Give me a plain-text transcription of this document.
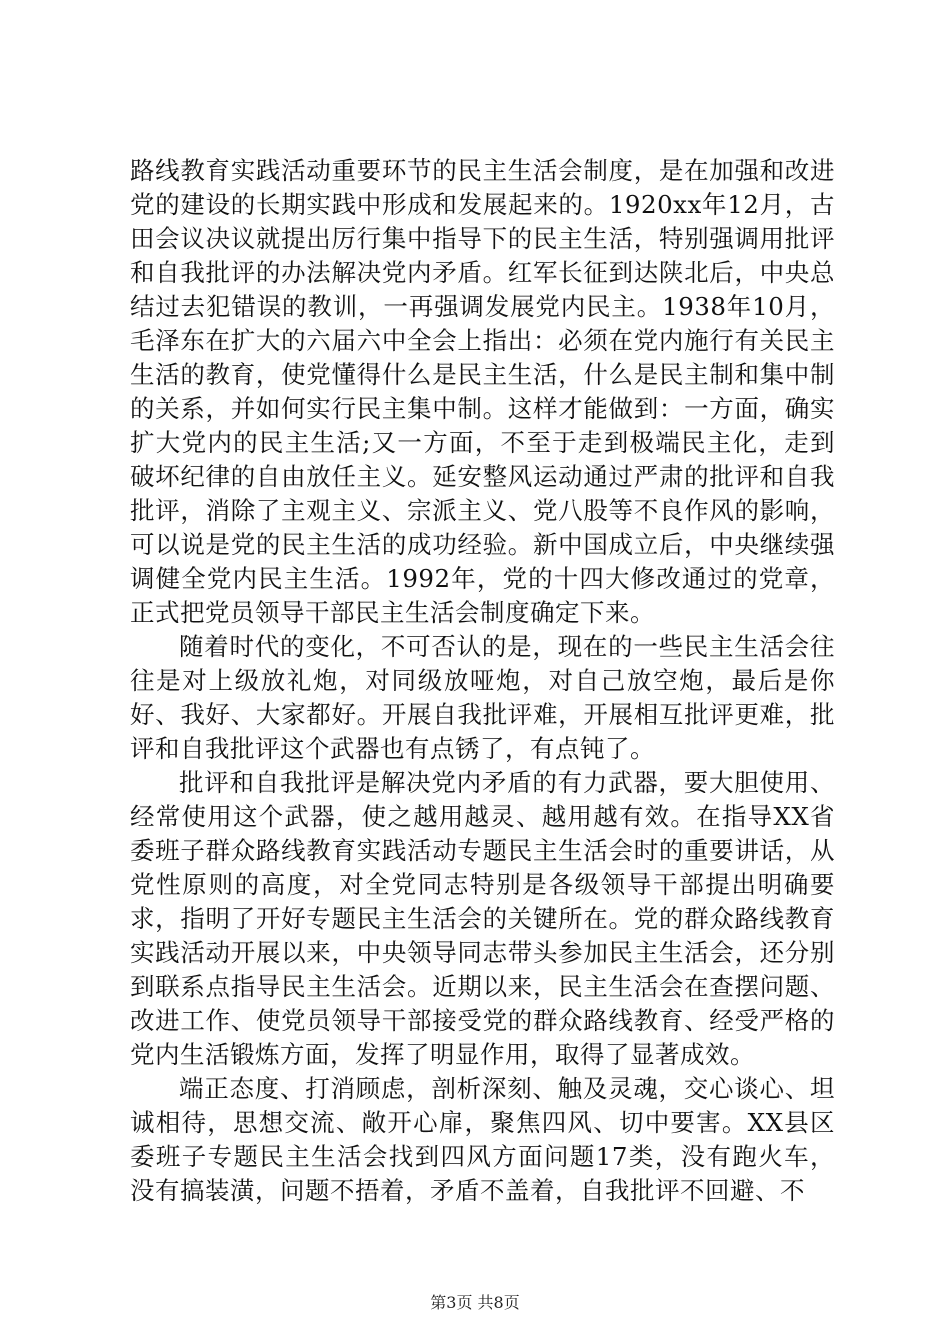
路线教育实践活动重要环节的民主生活会制度，是在加强和改进党的建设的长期实践中形成和发展起来的。1920xx年12月，古田会议决议就提出厉行集中指导下的民主生活，特别强调用批评和自我批评的办法解决党内矛盾。红军长征到达陕北后，中央总结过去犯错误的教训，一再强调发展党内民主。1938年10月，毛泽东在扩大的六届六中全会上指出：必须在党内施行有关民主生活的教育，使党懂得什么是民主生活，什么是民主制和集中制的关系，并如何实行民主集中制。这样才能做到：一方面，确实扩大党内的民主生活;又一方面，不至于走到极端民主化，走到破坏纪律的自由放任主义。延安整风运动通过严肃的批评和自我批评，消除了主观主义、宗派主义、党八股等不良作风的影响，可以说是党的民主生活的成功经验。新中国成立后，中央继续强调健全党内民主生活。1992年，党的十四大修改通过的党章，正式把党员领导干部民主生活会制度确定下来。

随着时代的变化，不可否认的是，现在的一些民主生活会往往是对上级放礼炮，对同级放哑炮，对自己放空炮，最后是你好、我好、大家都好。开展自我批评难，开展相互批评更难，批评和自我批评这个武器也有点锈了，有点钝了。

批评和自我批评是解决党内矛盾的有力武器，要大胆使用、经常使用这个武器，使之越用越灵、越用越有效。在指导XX省委班子群众路线教育实践活动专题民主生活会时的重要讲话，从党性原则的高度，对全党同志特别是各级领导干部提出明确要求，指明了开好专题民主生活会的关键所在。党的群众路线教育实践活动开展以来，中央领导同志带头参加民主生活会，还分别到联系点指导民主生活会。近期以来，民主生活会在查摆问题、改进工作、使党员领导干部接受党的群众路线教育、经受严格的党内生活锻炼方面，发挥了明显作用，取得了显著成效。

端正态度、打消顾虑，剖析深刻、触及灵魂，交心谈心、坦诚相待，思想交流、敞开心扉，聚焦四风、切中要害。XX县区委班子专题民主生活会找到四风方面问题17类，没有跑火车，没有搞装潢，问题不捂着，矛盾不盖着，自我批评不回避、不

第3页 共8页
